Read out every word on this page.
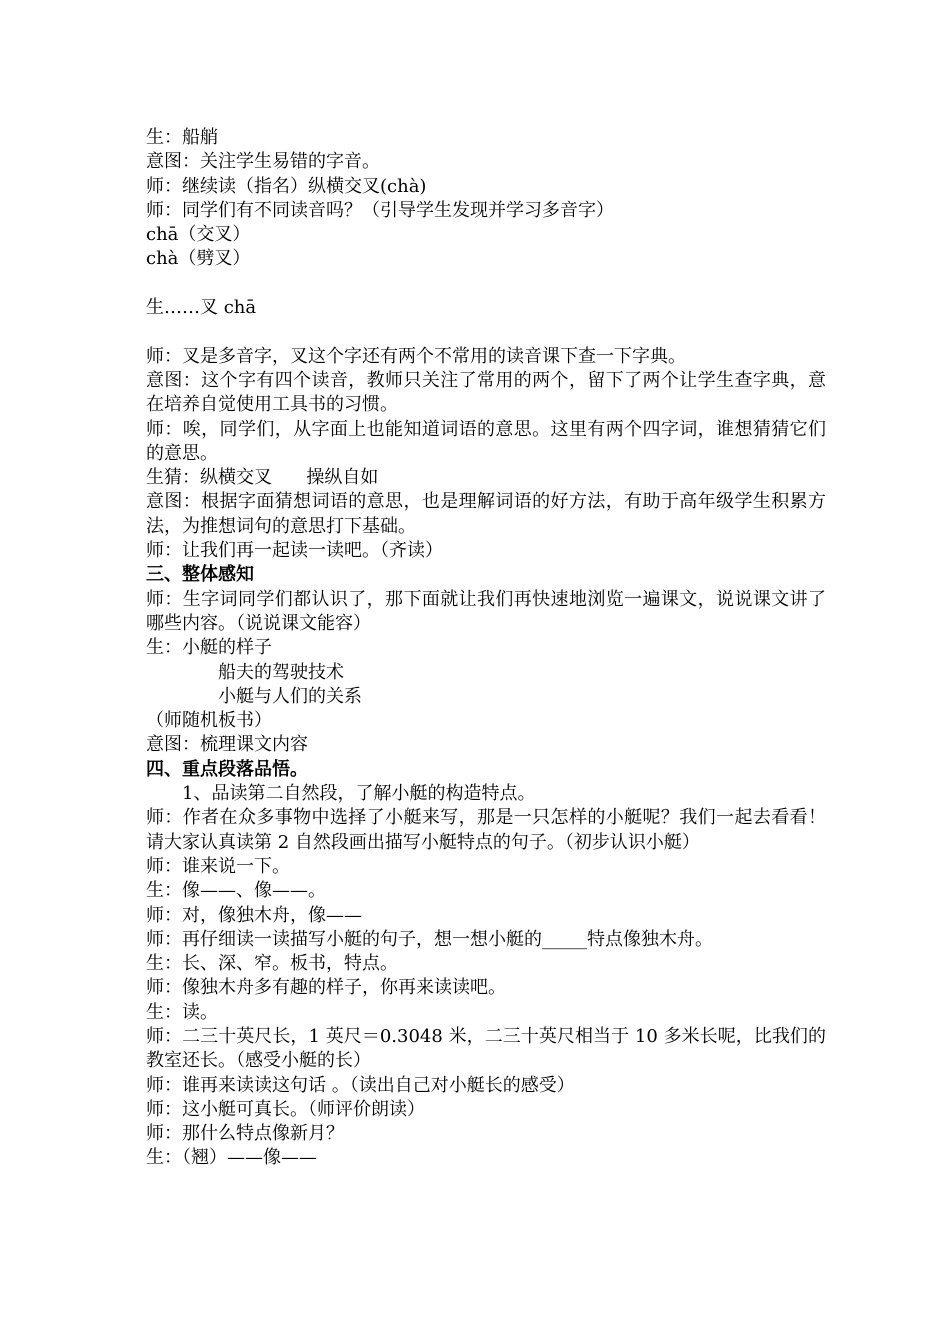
生：船艄
意图：关注学生易错的字音。
师：继续读（指名）纵横交叉(chà)
师：同学们有不同读音吗？（引导学生发现并学习多音字）
chā（交叉）
chà（劈叉）
生……叉 chā
师：叉是多音字，叉这个字还有两个不常用的读音课下查一下字典。
意图：这个字有四个读音，教师只关注了常用的两个，留下了两个让学生查字典，意在培养自觉使用工具书的习惯。
师：唉，同学们，从字面上也能知道词语的意思。这里有两个四字词，谁想猜猜它们的意思。
生猜：纵横交叉      操纵自如
意图：根据字面猜想词语的意思，也是理解词语的好方法，有助于高年级学生积累方法，为推想词句的意思打下基础。
师：让我们再一起读一读吧。（齐读）
三、整体感知
师：生字词同学们都认识了，那下面就让我们再快速地浏览一遍课文，说说课文讲了哪些内容。（说说课文能容）
生：小艇的样子
船夫的驾驶技术
小艇与人们的关系
（师随机板书）
意图：梳理课文内容
四、重点段落品悟。
1、品读第二自然段，了解小艇的构造特点。
师：作者在众多事物中选择了小艇来写，那是一只怎样的小艇呢？我们一起去看看！请大家认真读第 2 自然段画出描写小艇特点的句子。（初步认识小艇）
师：谁来说一下。
生：像——、像——。
师：对，像独木舟，像——
师：再仔细读一读描写小艇的句子，想一想小艇的_____特点像独木舟。
生：长、深、窄。板书，特点。
师：像独木舟多有趣的样子，你再来读读吧。
生：读。
师：二三十英尺长，1 英尺＝0.3048 米，二三十英尺相当于 10 多米长呢，比我们的教室还长。（感受小艇的长）
师：谁再来读读这句话 。（读出自己对小艇长的感受）
师：这小艇可真长。（师评价朗读）
师：那什么特点像新月？
生：（翘）——像——
